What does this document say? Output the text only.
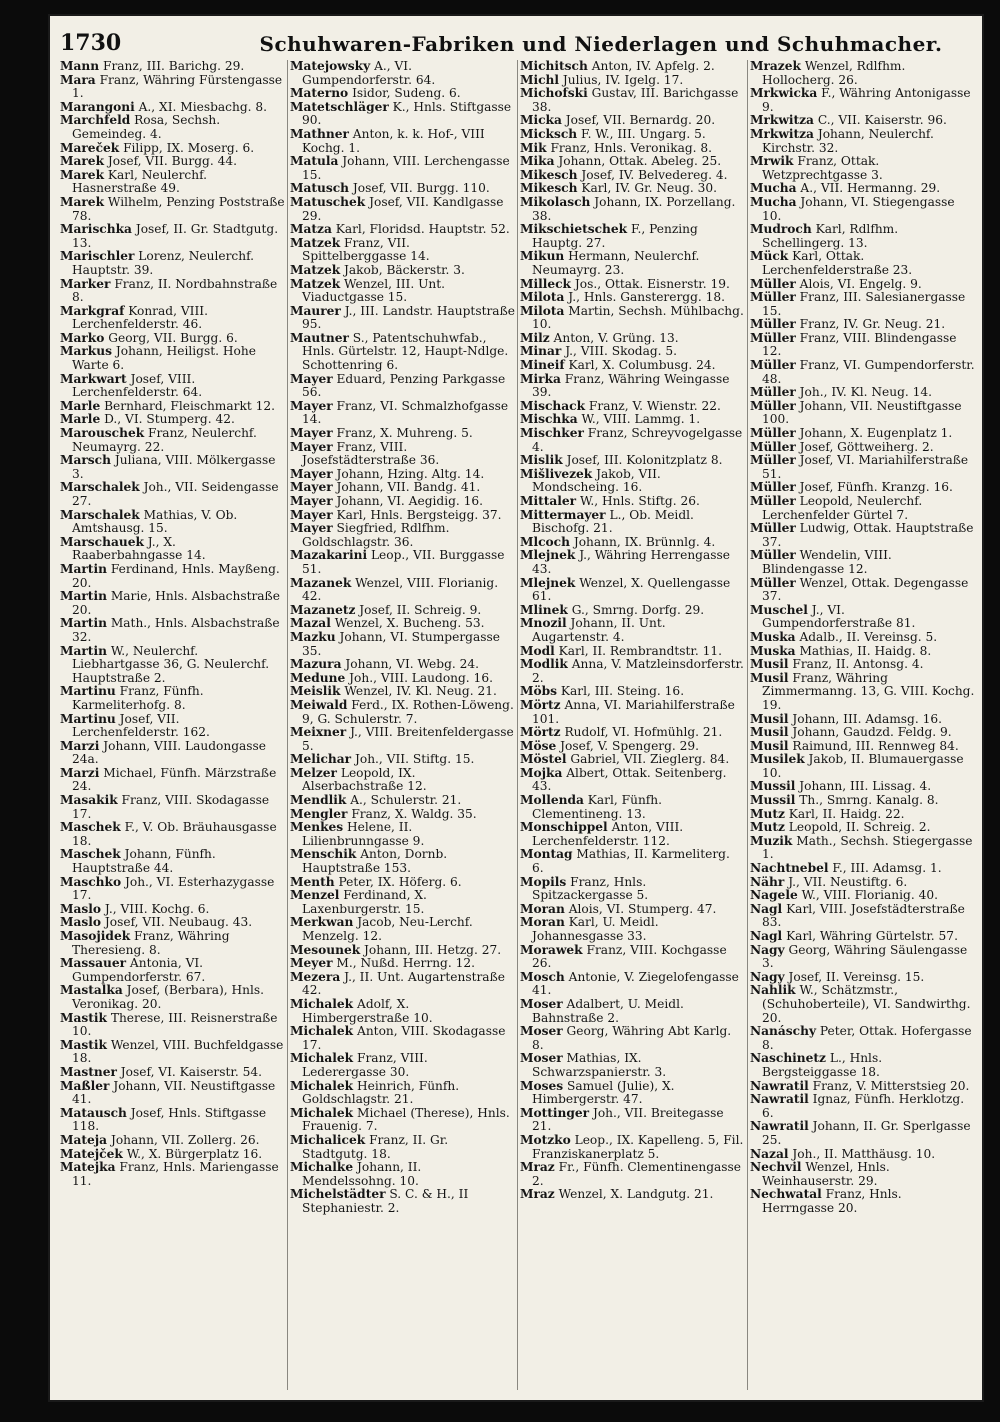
1730	Schuhwaren-Fabriken und Niederlagen und Schuhmacher.

Mann Franz, III. Barichg. 29.

Mara Franz, Währing Fürstengasse 1.

Marangoni A., XI. Miesbachg. 8.

Marchfeld Rosa, Sechsh. Gemeindeg. 4.

Mareček Filipp, IX. Moserg. 6.

Marek Josef, VII. Burgg. 44.

Marek Karl, Neulerchf. Hasnerstraße 49.

Marek Wilhelm, Penzing Poststraße 78.

Marischka Josef, II. Gr. Stadtgutg. 13.

Marischler Lorenz, Neulerchf. Hauptstr. 39.

Marker Franz, II. Nordbahnstraße 8.

Markgraf Konrad, VIII. Lerchenfelderstr. 46.

Marko Georg, VII. Burgg. 6.

Markus Johann, Heiligst. Hohe Warte 6.

Markwart Josef, VIII. Lerchenfelderstr. 64.

Marle Bernhard, Fleischmarkt 12.

Marle D., VI. Stumperg. 42.

Marouschek Franz, Neulerchf. Neumayrg. 22.

Marsch Juliana, VIII. Mölkergasse 3.

Marschalek Joh., VII. Seidengasse 27.

Marschalek Mathias, V. Ob. Amtshausg. 15.

Marschauek J., X. Raaberbahngasse 14.

Martin Ferdinand, Hnls. Mayßeng. 20.

Martin Marie, Hnls. Alsbachstraße 20.

Martin Math., Hnls. Alsbachstraße 32.

Martin W., Neulerchf. Liebhartgasse 36, G. Neulerchf. Hauptstraße 2.

Martinu Franz, Fünfh. Karmeliterhofg. 8.

Martinu Josef, VII. Lerchenfelderstr. 162.

Marzi Johann, VIII. Laudongasse 24a.

Marzi Michael, Fünfh. Märzstraße 24.

Masakik Franz, VIII. Skodagasse 17.

Maschek F., V. Ob. Bräuhausgasse 18.

Maschek Johann, Fünfh. Hauptstraße 44.

Maschko Joh., VI. Esterhazygasse 17.

Maslo J., VIII. Kochg. 6.

Maslo Josef, VII. Neubaug. 43.

Masojidek Franz, Währing Theresieng. 8.

Massauer Antonia, VI. Gumpendorferstr. 67.

Mastalka Josef, (Berbara), Hnls. Veronikag. 20.

Mastik Therese, III. Reisnerstraße 10.

Mastik Wenzel, VIII. Buchfeldgasse 18.

Mastner Josef, VI. Kaiserstr. 54.

Maßler Johann, VII. Neustiftgasse 41.

Matausch Josef, Hnls. Stiftgasse 118.

Mateja Johann, VII. Zollerg. 26.

Matejček W., X. Bürgerplatz 16.

Matejka Franz, Hnls. Mariengasse 11.

Matejowsky A., VI. Gumpendorferstr. 64.

Materno Isidor, Sudeng. 6.

Matetschläger K., Hnls. Stiftgasse 90.

Mathner Anton, k. k. Hof-, VIII Kochg. 1.

Matula Johann, VIII. Lerchengasse 15.

Matusch Josef, VII. Burgg. 110.

Matuschek Josef, VII. Kandlgasse 29.

Matza Karl, Floridsd. Hauptstr. 52.

Matzek Franz, VII. Spittelberggasse 14.

Matzek Jakob, Bäckerstr. 3.

Matzek Wenzel, III. Unt. Viaductgasse 15.

Maurer J., III. Landstr. Hauptstraße 95.

Mautner S., Patentschuhwfab., Hnls. Gürtelstr. 12, Haupt-Ndlge. Schottenring 6.

Mayer Eduard, Penzing Parkgasse 56.

Mayer Franz, VI. Schmalzhofgasse 14.

Mayer Franz, X. Muhreng. 5.

Mayer Franz, VIII. Josefstädterstraße 36.

Mayer Johann, Hzing. Altg. 14.

Mayer Johann, VII. Bandg. 41.

Mayer Johann, VI. Aegidig. 16.

Mayer Karl, Hnls. Bergsteigg. 37.

Mayer Siegfried, Rdlfhm. Goldschlagstr. 36.

Mazakarini Leop., VII. Burggasse 51.

Mazanek Wenzel, VIII. Florianig. 42.

Mazanetz Josef, II. Schreig. 9.

Mazal Wenzel, X. Bucheng. 53.

Mazku Johann, VI. Stumpergasse 35.

Mazura Johann, VI. Webg. 24.

Medune Joh., VIII. Laudong. 16.

Meislik Wenzel, IV. Kl. Neug. 21.

Meiwald Ferd., IX. Rothen-Löweng. 9, G. Schulerstr. 7.

Meixner J., VIII. Breitenfeldergasse 5.

Melichar Joh., VII. Stiftg. 15.

Melzer Leopold, IX. Alserbachstraße 12.

Mendlik A., Schulerstr. 21.

Mengler Franz, X. Waldg. 35.

Menkes Helene, II. Lilienbrunngasse 9.

Menschik Anton, Dornb. Hauptstraße 153.

Menth Peter, IX. Höferg. 6.

Menzel Ferdinand, X. Laxenburgerstr. 15.

Merkwan Jacob, Neu-Lerchf. Menzelg. 12.

Mesounek Johann, III. Hetzg. 27.

Meyer M., Nußd. Herrng. 12.

Mezera J., II. Unt. Augartenstraße 42.

Michalek Adolf, X. Himbergerstraße 10.

Michalek Anton, VIII. Skodagasse 17.

Michalek Franz, VIII. Lederergasse 30.

Michalek Heinrich, Fünfh. Goldschlagstr. 21.

Michalek Michael (Therese), Hnls. Frauenig. 7.

Michalicek Franz, II. Gr. Stadtgutg. 18.

Michalke Johann, II. Mendelssohng. 10.

Michelstädter S. C. & H., II Stephaniestr. 2.

Michitsch Anton, IV. Apfelg. 2.

Michl Julius, IV. Igelg. 17.

Michofski Gustav, III. Barichgasse 38.

Micka Josef, VII. Bernardg. 20.

Micksch F. W., III. Ungarg. 5.

Mik Franz, Hnls. Veronikag. 8.

Mika Johann, Ottak. Abeleg. 25.

Mikesch Josef, IV. Belvedereg. 4.

Mikesch Karl, IV. Gr. Neug. 30.

Mikolasch Johann, IX. Porzellang. 38.

Mikschietschek F., Penzing Hauptg. 27.

Mikun Hermann, Neulerchf. Neumayrg. 23.

Milleck Jos., Ottak. Eisnerstr. 19.

Milota J., Hnls. Gansterergg. 18.

Milota Martin, Sechsh. Mühlbachg. 10.

Milz Anton, V. Grüng. 13.

Minar J., VIII. Skodag. 5.

Mineif Karl, X. Columbusg. 24.

Mirka Franz, Währing Weingasse 39.

Mischack Franz, V. Wienstr. 22.

Mischka W., VIII. Lammg. 1.

Mischker Franz, Schreyvogelgasse 4.

Mislik Josef, III. Kolonitzplatz 8.

Mišlivezek Jakob, VII. Mondscheing. 16.

Mittaler W., Hnls. Stiftg. 26.

Mittermayer L., Ob. Meidl. Bischofg. 21.

Mlcoch Johann, IX. Brünnlg. 4.

Mlejnek J., Währing Herrengasse 43.

Mlejnek Wenzel, X. Quellengasse 61.

Mlinek G., Smrng. Dorfg. 29.

Mnozil Johann, II. Unt. Augartenstr. 4.

Modl Karl, II. Rembrandtstr. 11.

Modlik Anna, V. Matzleinsdorferstr. 2.

Möbs Karl, III. Steing. 16.

Mörtz Anna, VI. Mariahilferstraße 101.

Mörtz Rudolf, VI. Hofmühlg. 21.

Möse Josef, V. Spengerg. 29.

Möstel Gabriel, VII. Zieglerg. 84.

Mojka Albert, Ottak. Seitenberg. 43.

Mollenda Karl, Fünfh. Clementineng. 13.

Monschippel Anton, VIII. Lerchenfelderstr. 112.

Montag Mathias, II. Karmeliterg. 6.

Mopils Franz, Hnls. Spitzackergasse 5.

Moran Alois, VI. Stumperg. 47.

Moran Karl, U. Meidl. Johannesgasse 33.

Morawek Franz, VIII. Kochgasse 26.

Mosch Antonie, V. Ziegelofengasse 41.

Moser Adalbert, U. Meidl. Bahnstraße 2.

Moser Georg, Währing Abt Karlg. 8.

Moser Mathias, IX. Schwarzspanierstr. 3.

Moses Samuel (Julie), X. Himbergerstr. 47.

Mottinger Joh., VII. Breitegasse 21.

Motzko Leop., IX. Kapelleng. 5, Fil. Franziskanerplatz 5.

Mraz Fr., Fünfh. Clementinengasse 2.

Mraz Wenzel, X. Landgutg. 21.

Mrazek Wenzel, Rdlfhm. Hollocherg. 26.

Mrkwicka F., Währing Antonigasse 9.

Mrkwitza C., VII. Kaiserstr. 96.

Mrkwitza Johann, Neulerchf. Kirchstr. 32.

Mrwik Franz, Ottak. Wetzprechtgasse 3.

Mucha A., VII. Hermanng. 29.

Mucha Johann, VI. Stiegengasse 10.

Mudroch Karl, Rdlfhm. Schellingerg. 13.

Mück Karl, Ottak. Lerchenfelderstraße 23.

Müller Alois, VI. Engelg. 9.

Müller Franz, III. Salesianergasse 15.

Müller Franz, IV. Gr. Neug. 21.

Müller Franz, VIII. Blindengasse 12.

Müller Franz, VI. Gumpendorferstr. 48.

Müller Joh., IV. Kl. Neug. 14.

Müller Johann, VII. Neustiftgasse 100.

Müller Johann, X. Eugenplatz 1.

Müller Josef, Göttweiherg. 2.

Müller Josef, VI. Mariahilferstraße 51.

Müller Josef, Fünfh. Kranzg. 16.

Müller Leopold, Neulerchf. Lerchenfelder Gürtel 7.

Müller Ludwig, Ottak. Hauptstraße 37.

Müller Wendelin, VIII. Blindengasse 12.

Müller Wenzel, Ottak. Degengasse 37.

Muschel J., VI. Gumpendorferstraße 81.

Muska Adalb., II. Vereinsg. 5.

Muska Mathias, II. Haidg. 8.

Musil Franz, II. Antonsg. 4.

Musil Franz, Währing Zimmermanng. 13, G. VIII. Kochg. 19.

Musil Johann, III. Adamsg. 16.

Musil Johann, Gaudzd. Feldg. 9.

Musil Raimund, III. Rennweg 84.

Musilek Jakob, II. Blumauergasse 10.

Mussil Johann, III. Lissag. 4.

Mussil Th., Smrng. Kanalg. 8.

Mutz Karl, II. Haidg. 22.

Mutz Leopold, II. Schreig. 2.

Muzik Math., Sechsh. Stiegergasse 1.

Nachtnebel F., III. Adamsg. 1.

Nähr J., VII. Neustiftg. 6.

Nagele W., VIII. Florianig. 40.

Nagl Karl, VIII. Josefstädterstraße 83.

Nagl Karl, Währing Gürtelstr. 57.

Nagy Georg, Währing Säulengasse 3.

Nagy Josef, II. Vereinsg. 15.

Nahlik W., Schätzmstr., (Schuhoberteile), VI. Sandwirthg. 20.

Nanáschy Peter, Ottak. Hofergasse 8.

Naschinetz L., Hnls. Bergsteiggasse 18.

Nawratil Franz, V. Mitterstsieg 20.

Nawratil Ignaz, Fünfh. Herklotzg. 6.

Nawratil Johann, II. Gr. Sperlgasse 25.

Nazal Joh., II. Matthäusg. 10.

Nechvil Wenzel, Hnls. Weinhauserstr. 29.

Nechwatal Franz, Hnls. Herrngasse 20.
